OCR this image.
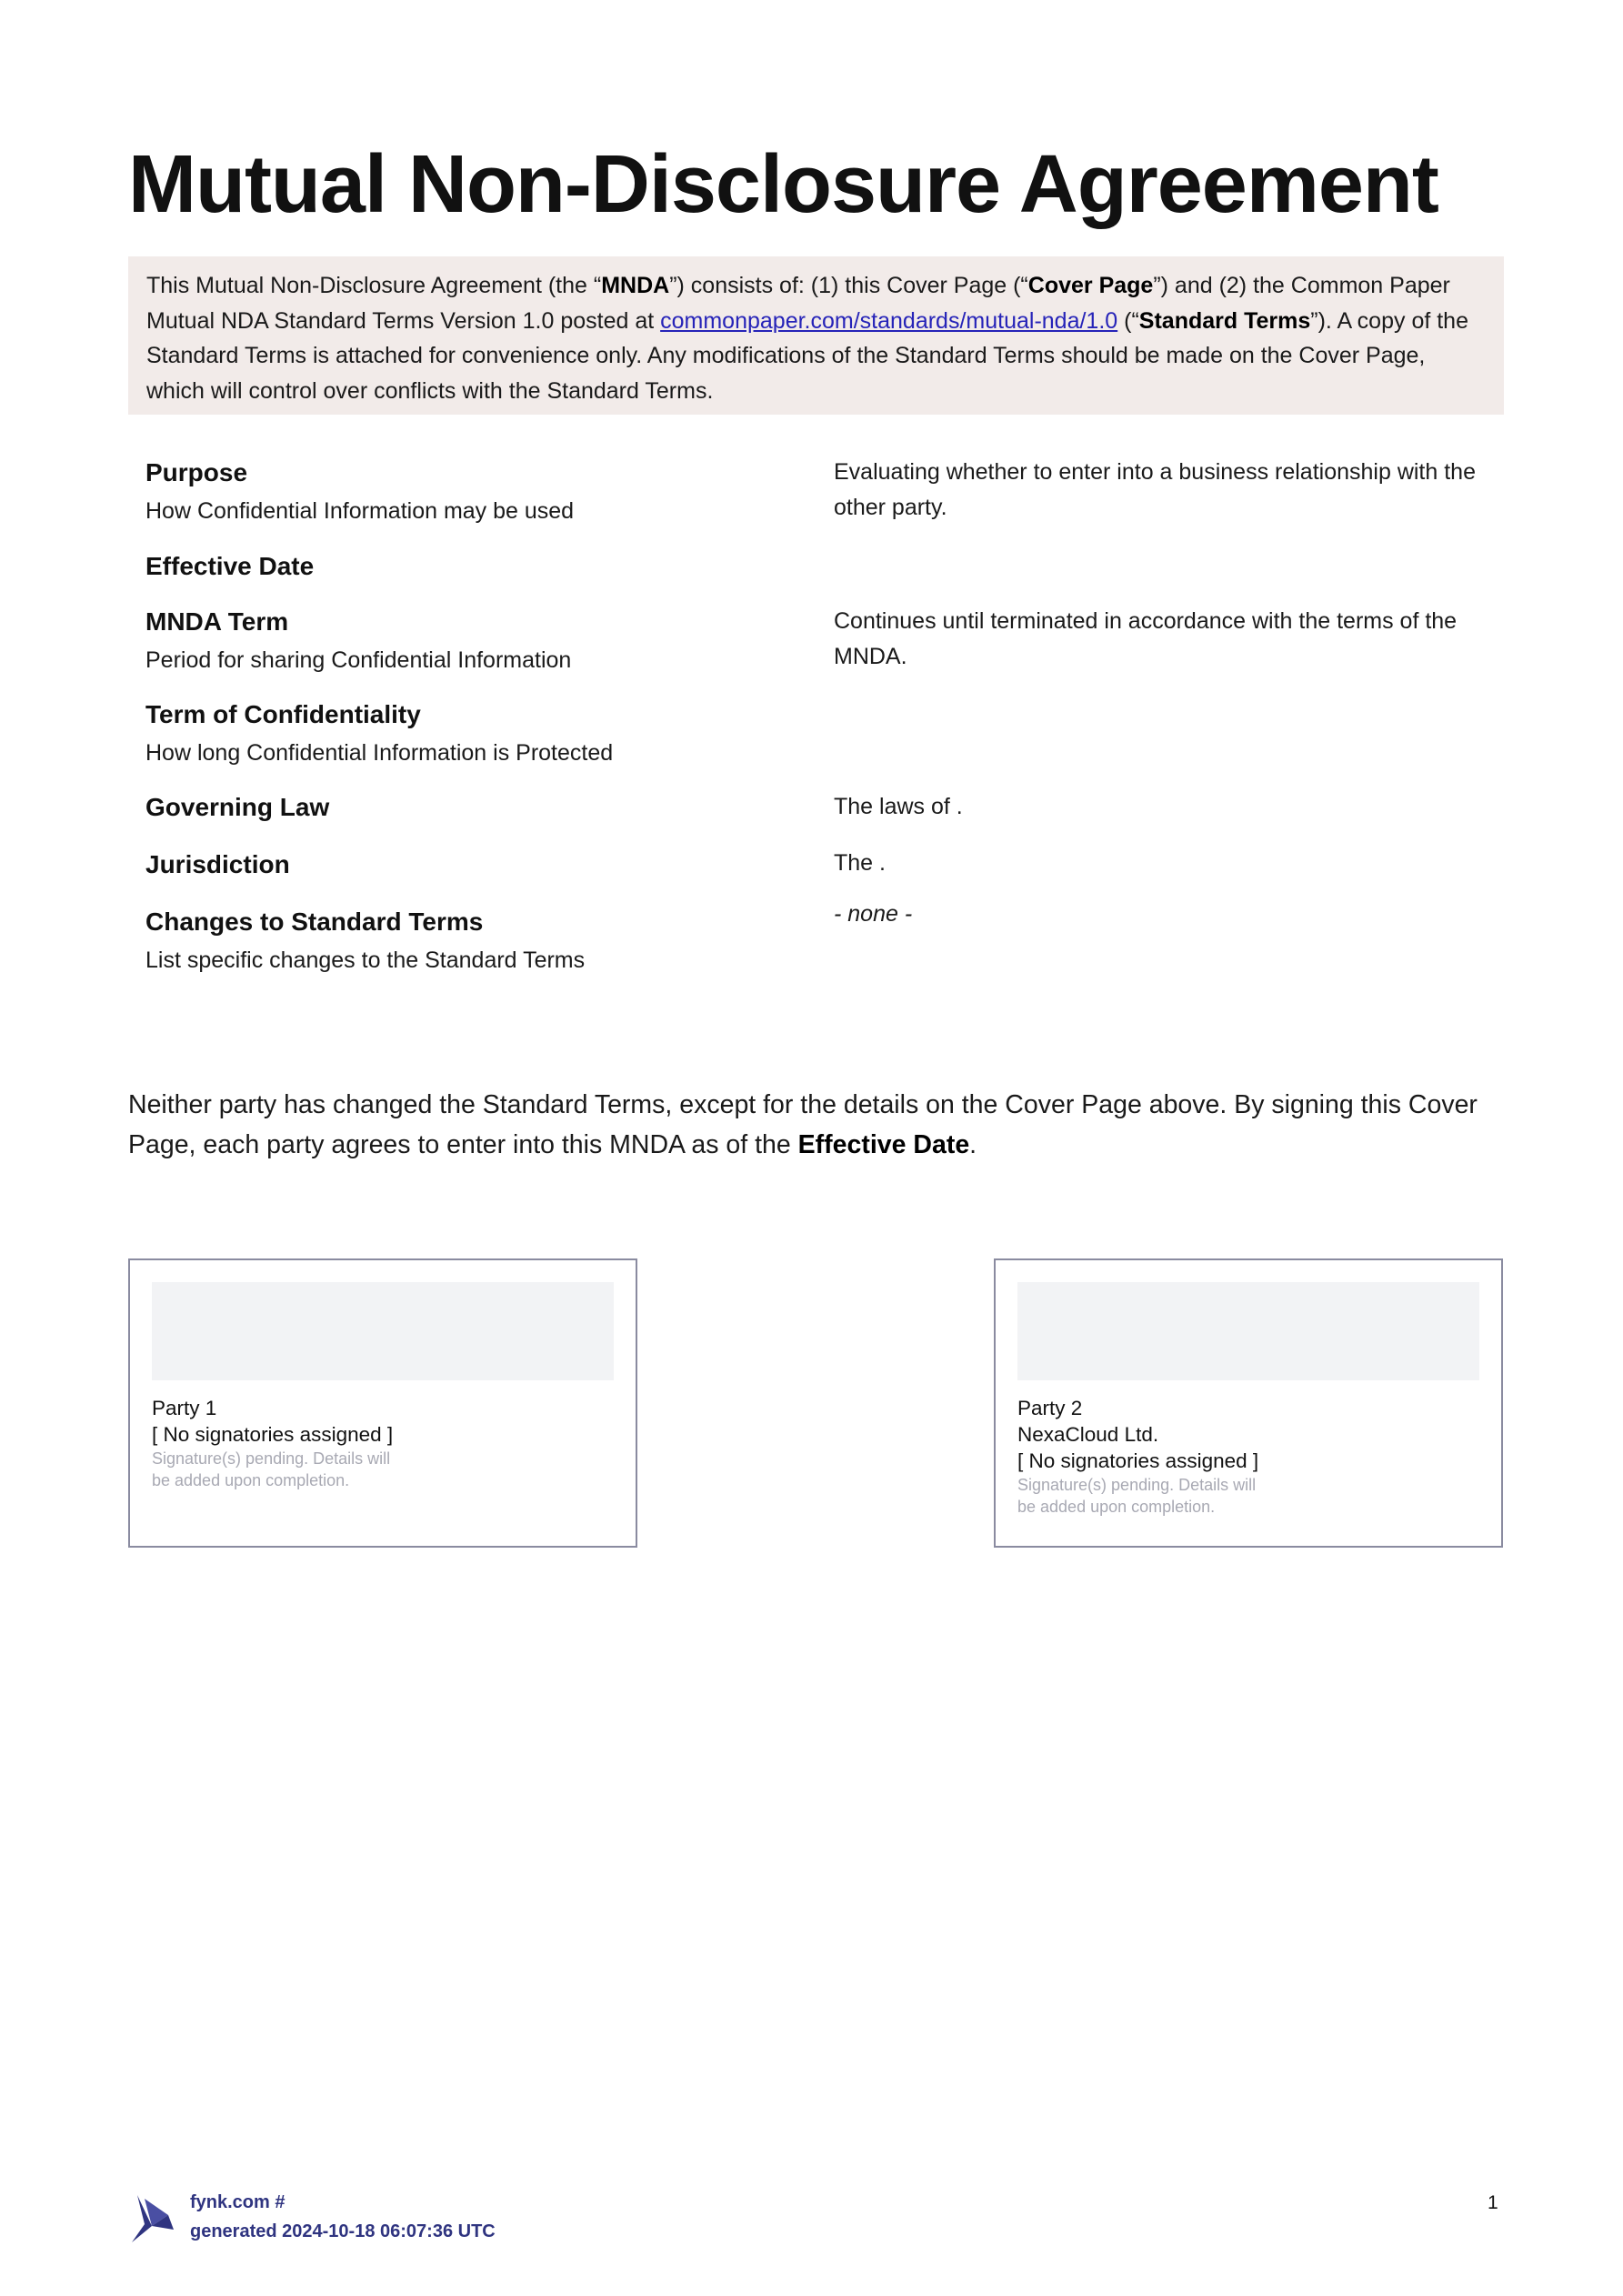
Mutual Non-Disclosure Agreement
This Mutual Non-Disclosure Agreement (the “MNDA”) consists of: (1) this Cover Page (“Cover Page”) and (2) the Common Paper Mutual NDA Standard Terms Version 1.0 posted at commonpaper.com/standards/mutual-nda/1.0 (“Standard Terms”). A copy of the Standard Terms is attached for convenience only. Any modifications of the Standard Terms should be made on the Cover Page, which will control over conflicts with the Standard Terms.
Purpose
How Confidential Information may be used
Evaluating whether to enter into a business relationship with the other party.
Effective Date
MNDA Term
Period for sharing Confidential Information
Continues until terminated in accordance with the terms of the MNDA.
Term of Confidentiality
How long Confidential Information is Protected
Governing Law	The laws of .
Jurisdiction	The .
Changes to Standard Terms
List specific changes to the Standard Terms
- none -
Neither party has changed the Standard Terms, except for the details on the Cover Page above. By signing this Cover Page, each party agrees to enter into this MNDA as of the Effective Date.
Party 1
[ No signatories assigned ]
Signature(s) pending. Details will be added upon completion.
Party 2
NexaCloud Ltd.
[ No signatories assigned ]
Signature(s) pending. Details will be added upon completion.
fynk.com #
generated 2024-10-18 06:07:36 UTC
1
